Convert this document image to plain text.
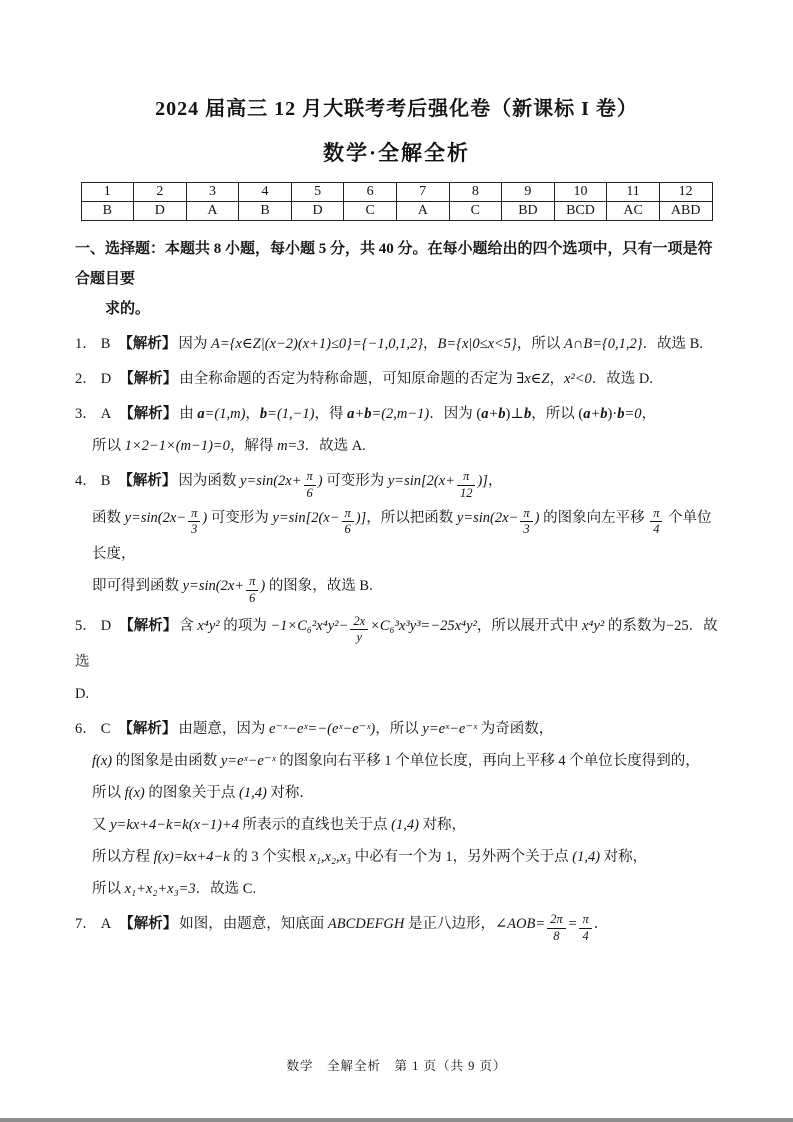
2024 届高三 12 月大联考考后强化卷（新课标 I 卷）
数学·全解全析
1	2	3	4	5	6	7	8	9	10	11	12
B	D	A	B	D	C	A	C	BD	BCD	AC	ABD
一、选择题：本题共 8 小题，每小题 5 分，共 40 分。在每小题给出的四个选项中，只有一项是符合题目要
求的。
1． B 【解析】 因为 A={x∈Z|(x−2)(x+1)≤0}={−1,0,1,2}，B={x|0≤x<5}，所以 A∩B={0,1,2}．故选 B.
2． D 【解析】 由全称命题的否定为特称命题，可知原命题的否定为 ∃x∈Z，x²<0．故选 D.
3． A 【解析】 由 a=(1,m)，b=(1,−1)，得 a+b=(2,m−1)．因为 (a+b)⊥b，所以 (a+b)·b=0，
所以 1×2−1×(m−1)=0，解得 m=3．故选 A.
4． B 【解析】 因为函数 $y=\sin(2x+ \frac{\pi}{6}$ ) 可变形为 $y=\sin[2(x+ \frac{\pi}{12}$ )]，
函数 $y=\sin(2x- \frac{\pi}{3}$ ) 可变形为 $y=\sin[2(x- \frac{\pi}{6}$ )]，所以把函数 $y=\sin(2x- \frac{\pi}{3}$ ) 的图象向左平移 $\frac{\pi}{4}$ 个单位长度，
即可得到函数 $y=\sin(2x+ \frac{\pi}{6}$ ) 的图象，故选 B.
5． D 【解析】 含 x⁴y² 的项为 $-1\times C_6^2x^4y^2- \frac{2x}{y} \times C_6^3x^3y^3=-25x^4y^2$，所以展开式中 x⁴y² 的系数为−25．故选
D.
6． C 【解析】 由题意，因为 e⁻ˣ−eˣ=−(eˣ−e⁻ˣ)，所以 y=eˣ−e⁻ˣ 为奇函数，
f(x) 的图象是由函数 y=eˣ−e⁻ˣ 的图象向右平移 1 个单位长度，再向上平移 4 个单位长度得到的，
所以 f(x) 的图象关于点 (1,4) 对称．
又 y=kx+4−k=k(x−1)+4 所表示的直线也关于点 (1,4) 对称，
所以方程 f(x)=kx+4−k 的 3 个实根 x₁,x₂,x₃ 中必有一个为 1，另外两个关于点 (1,4) 对称，
所以 x₁+x₂+x₃=3．故选 C.
7． A 【解析】 如图，由题意，知底面 ABCDEFGH 是正八边形，∠AOB= $\frac{2\pi}{8} = \frac{\pi}{4}$ ．
数学　全解全析　第 1 页（共 9 页）
